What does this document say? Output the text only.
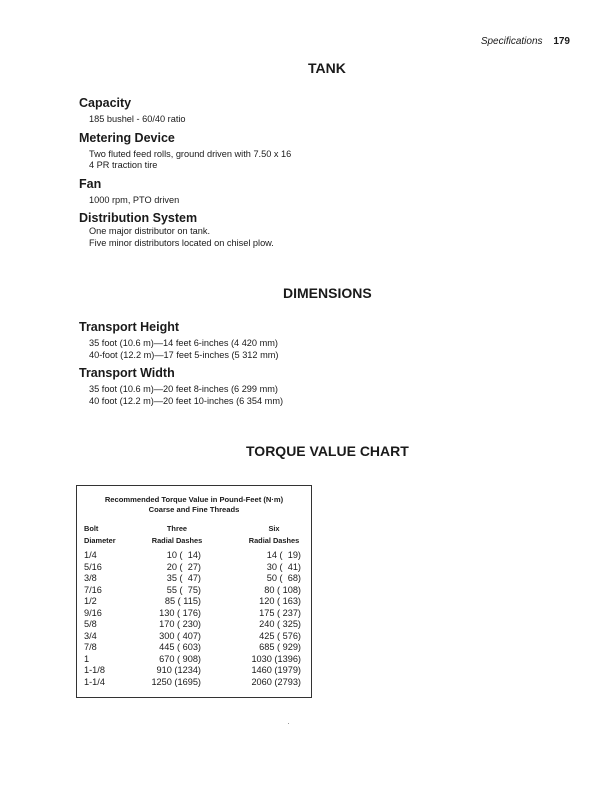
Specifications 179
TANK

Capacity

185 bushel - 60/40 ratio

Metering Device

Two fluted feed rolls, ground driven with 7.50 x 16
4 PR traction tire

Fan

1000 rpm, PTO driven

Distribution System

One major distributor on tank.
Five minor distributors located on chisel plow.
DIMENSIONS

Transport Height

35 foot (10.6 m)—14 feet 6-inches (4 420 mm)
40-foot (12.2 m)—17 feet 5-inches (5 312 mm)

Transport Width

35 foot (10.6 m)—20 feet 8-inches (6 299 mm)
40 foot (12.2 m)—20 feet 10-inches (6 354 mm)
TORQUE VALUE CHART
Recommended Torque Value in Pound-Feet (N·m)
Coarse and Fine Threads
Bolt
Diameter
Three
Radial Dashes
Six
Radial Dashes
1/4	10 (  14)	14 (  19)
5/16	20 (  27)	30 (  41)
3/8	35 (  47)	50 (  68)
7/16	55 (  75)	80 ( 108)
1/2	85 ( 115)	120 ( 163)
9/16	130 ( 176)	175 ( 237)
5/8	170 ( 230)	240 ( 325)
3/4	300 ( 407)	425 ( 576)
7/8	445 ( 603)	685 ( 929)
1	670 ( 908)	1030 (1396)
1-1/8	910 (1234)	1460 (1979)
1-1/4	1250 (1695)	2060 (2793)
